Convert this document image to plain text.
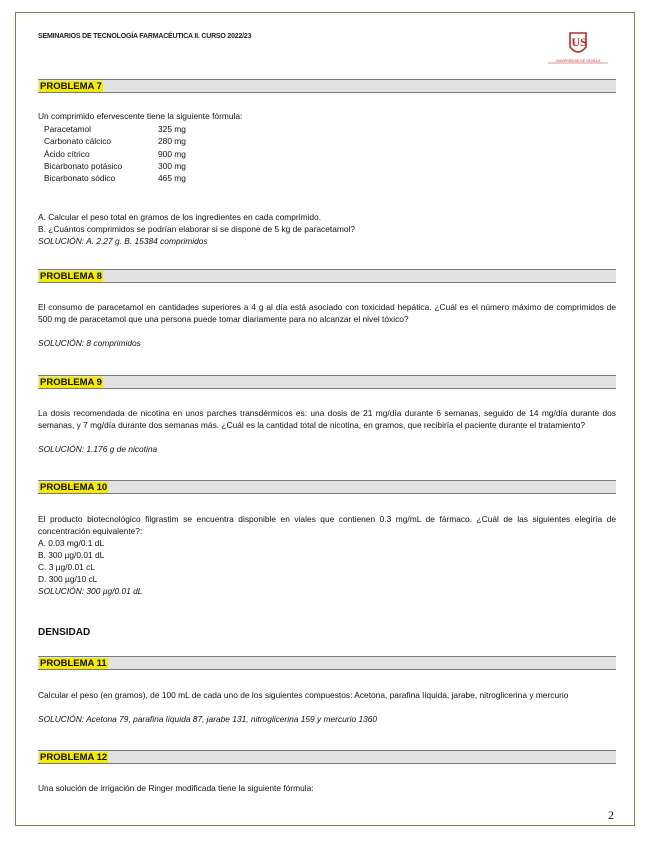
SEMINARIOS DE TECNOLOGÍA FARMACÉUTICA II. CURSO 2022/23	US
UNIVERSIDAD DE SEVILLA
PROBLEMA 7
Un comprimido efervescente tiene la siguiente fórmula:
Paracetamol	325 mg
Carbonato cálcico	280 mg
Ácido cítrico	900 mg
Bicarbonato potásico	300 mg
Bicarbonato sódico	465 mg
A. Calcular el peso total en gramos de los ingredientes en cada comprimido.
B. ¿Cuántos comprimidos se podrían elaborar si se dispone de 5 kg de paracetamol?
SOLUCIÓN: A. 2.27 g. B. 15384 comprimidos
PROBLEMA 8
El consumo de paracetamol en cantidades superiores a 4 g al día está asociado con toxicidad hepática. ¿Cuál es el número máximo de comprimidos de 500 mg de paracetamol que una persona puede tomar diariamente para no alcanzar el nivel tóxico?
SOLUCIÓN: 8 comprimidos
PROBLEMA 9
La dosis recomendada de nicotina en unos parches transdérmicos es: una dosis de 21 mg/día durante 6 semanas, seguido de 14 mg/día durante dos semanas, y 7 mg/día durante dos semanas más. ¿Cuál es la cantidad total de nicotina, en gramos, que recibiría el paciente durante el tratamiento?
SOLUCIÓN: 1.176 g de nicotina
PROBLEMA 10
El producto biotecnológico filgrastim se encuentra disponible en viales que contienen 0.3 mg/mL de fármaco. ¿Cuál de las siguientes elegiría de concentración equivalente?:
A. 0.03 mg/0.1 dL
B. 300 µg/0.01 dL
C. 3 µg/0.01 cL
D. 300 µg/10 cL
SOLUCIÓN: 300 µg/0.01 dL
DENSIDAD
PROBLEMA 11
Calcular el peso (en gramos), de 100 mL de cada uno de los siguientes compuestos: Acetona, parafina líquida, jarabe, nitroglicerina y mercurio
SOLUCIÓN: Acetona 79, parafina líquida 87, jarabe 131, nitroglicerina 159 y mercurio 1360
PROBLEMA 12
Una solución de irrigación de Ringer modificada tiene la siguiente fórmula:
2
